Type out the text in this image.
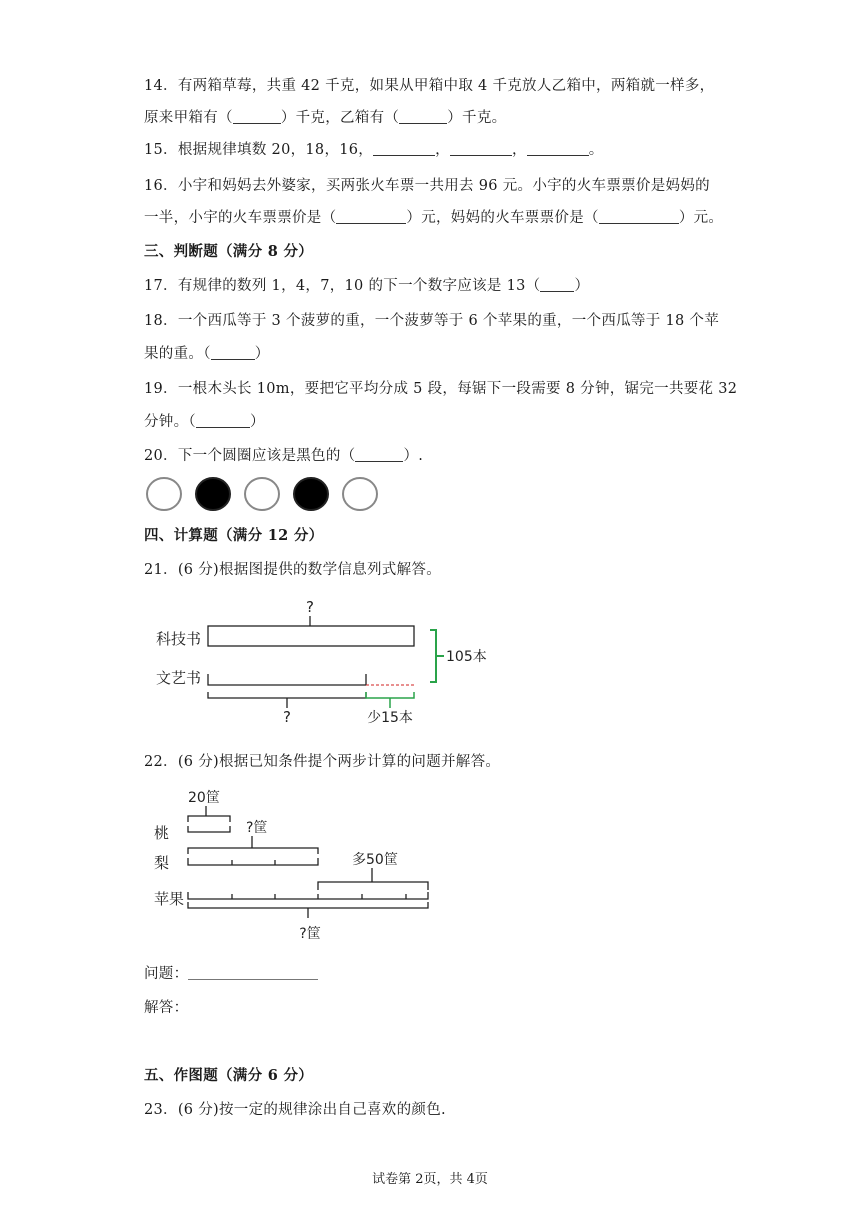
14．有两箱草莓，共重 42 千克，如果从甲箱中取 4 千克放人乙箱中，两箱就一样多，
原来甲箱有（	）千克，乙箱有（	）千克。
15．根据规律填数 20，18，16，	，	，	。
16．小宇和妈妈去外婆家，买两张火车票一共用去 96 元。小宇的火车票票价是妈妈的
一半，小宇的火车票票价是（	）元，妈妈的火车票票价是（	）元。
三、判断题（满分 8 分）
17．有规律的数列 1，4，7，10 的下一个数字应该是 13（ ）
18．一个西瓜等于 3 个菠萝的重，一个菠萝等于 6 个苹果的重，一个西瓜等于 18 个苹
果的重。（	）
19．一根木头长 10m，要把它平均分成 5 段，每锯下一段需要 8 分钟，锯完一共要花 32
分钟。（	）
20．下一个圆圈应该是黑色的（	）.
四、计算题（满分 12 分）
21．(6 分)根据图提供的数学信息列式解答。
?
科技书
文艺书
?	少15本
105本
22．(6 分)根据已知条件提个两步计算的问题并解答。
20筐
桃	?筐
梨	多50筐
苹果
?筐
问题：
解答：
五、作图题（满分 6 分）
23．(6 分)按一定的规律涂出自己喜欢的颜色.
试卷第 2页，共 4页
